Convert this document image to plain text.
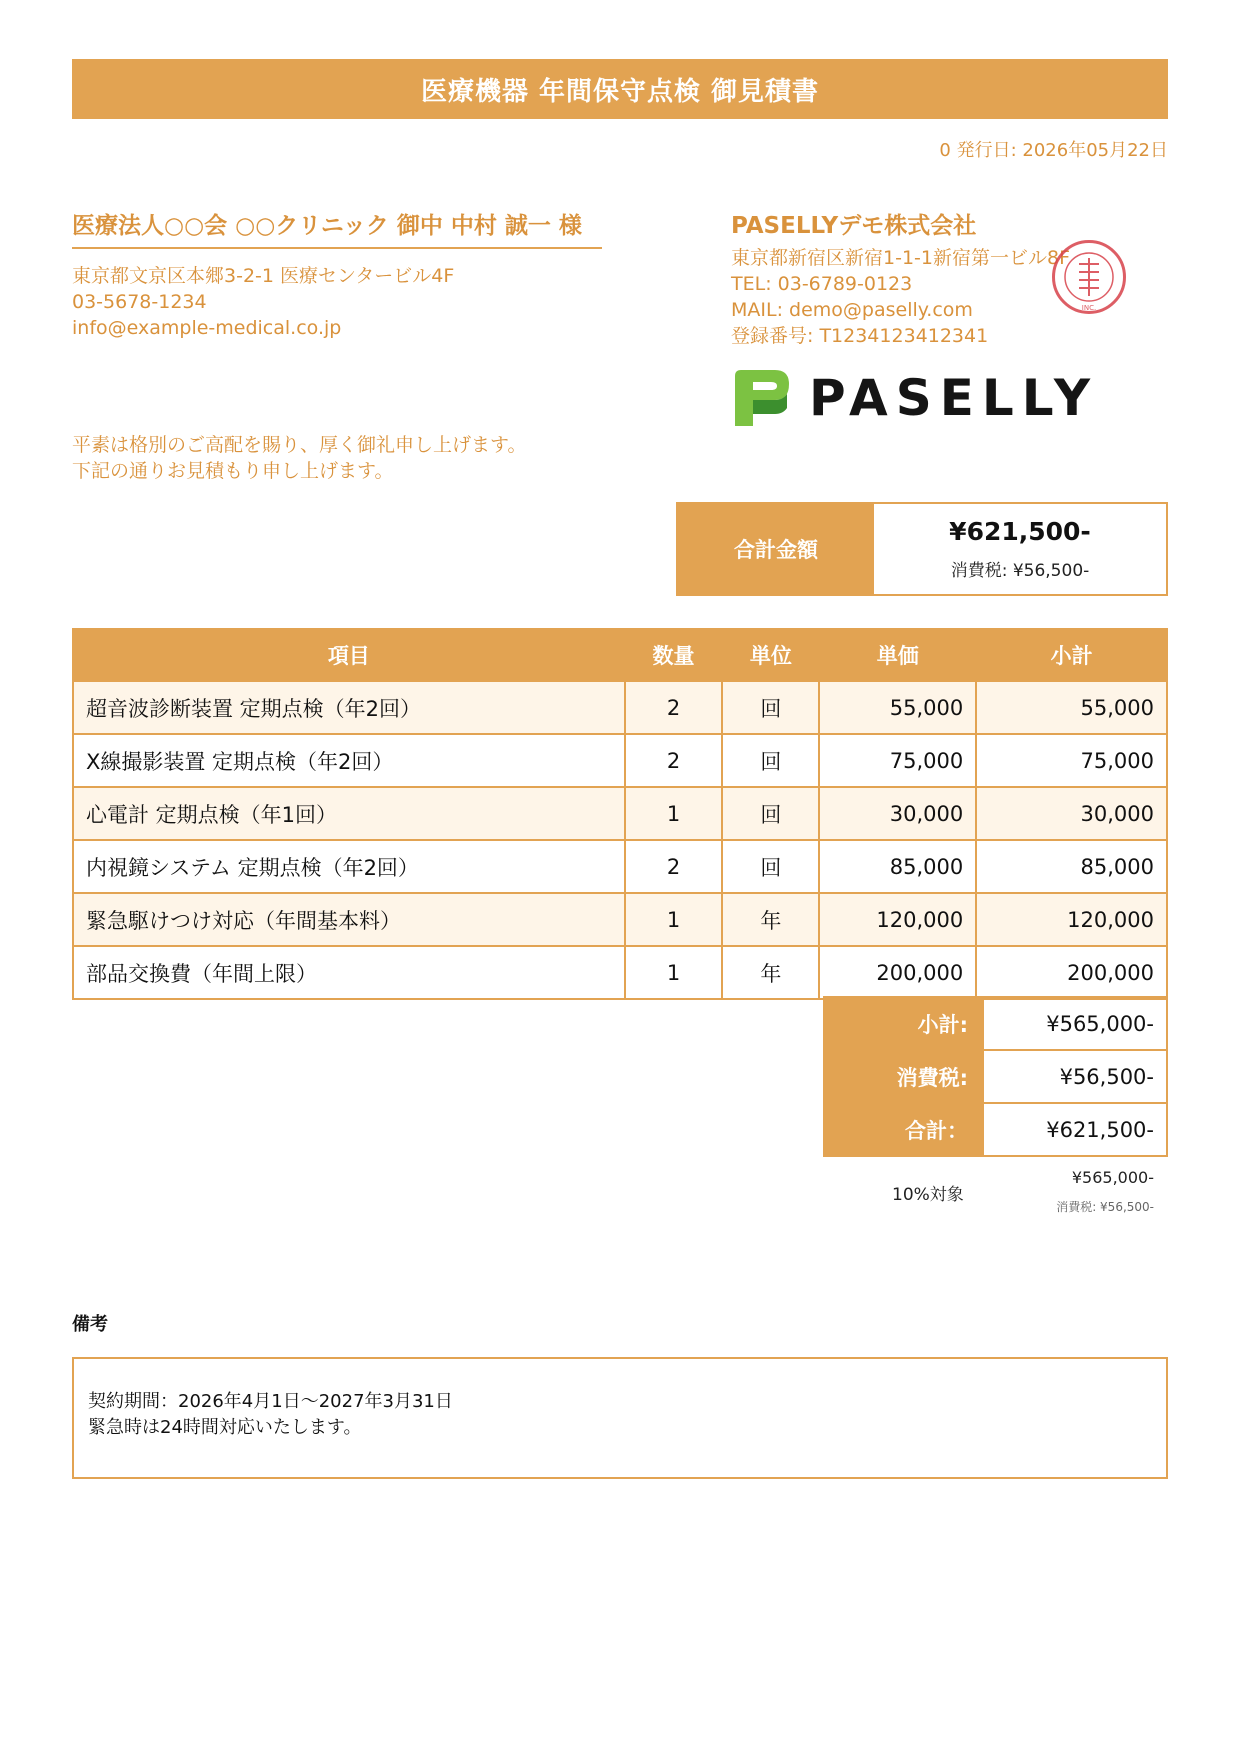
医療機器 年間保守点検 御見積書
0 発行日: 2026年05月22日
医療法人○○会 ○○クリニック 御中 中村 誠一 様
東京都文京区本郷3-2-1 医療センタービル4F
03-5678-1234
info@example-medical.co.jp
平素は格別のご高配を賜り、厚く御礼申し上げます。
下記の通りお見積もり申し上げます。
PASELLYデモ株式会社
東京都新宿区新宿1-1-1新宿第一ビル8F
TEL: 03-6789-0123
MAIL: demo@paselly.com
登録番号: T1234123412341
INC.
PASELLY
合計金額
¥621,500-
消費税: ¥56,500-
項目	数量	単位	単価	小計
超音波診断装置 定期点検（年2回）	2	回	55,000	55,000
X線撮影装置 定期点検（年2回）	2	回	75,000	75,000
心電計 定期点検（年1回）	1	回	30,000	30,000
内視鏡システム 定期点検（年2回）	2	回	85,000	85,000
緊急駆けつけ対応（年間基本料）	1	年	120,000	120,000
部品交換費（年間上限）	1	年	200,000	200,000
小計:	¥565,000-
消費税:	¥56,500-
合計：	¥621,500-
10%対象
¥565,000-
消費税: ¥56,500-
備考
契約期間：2026年4月1日～2027年3月31日
緊急時は24時間対応いたします。
